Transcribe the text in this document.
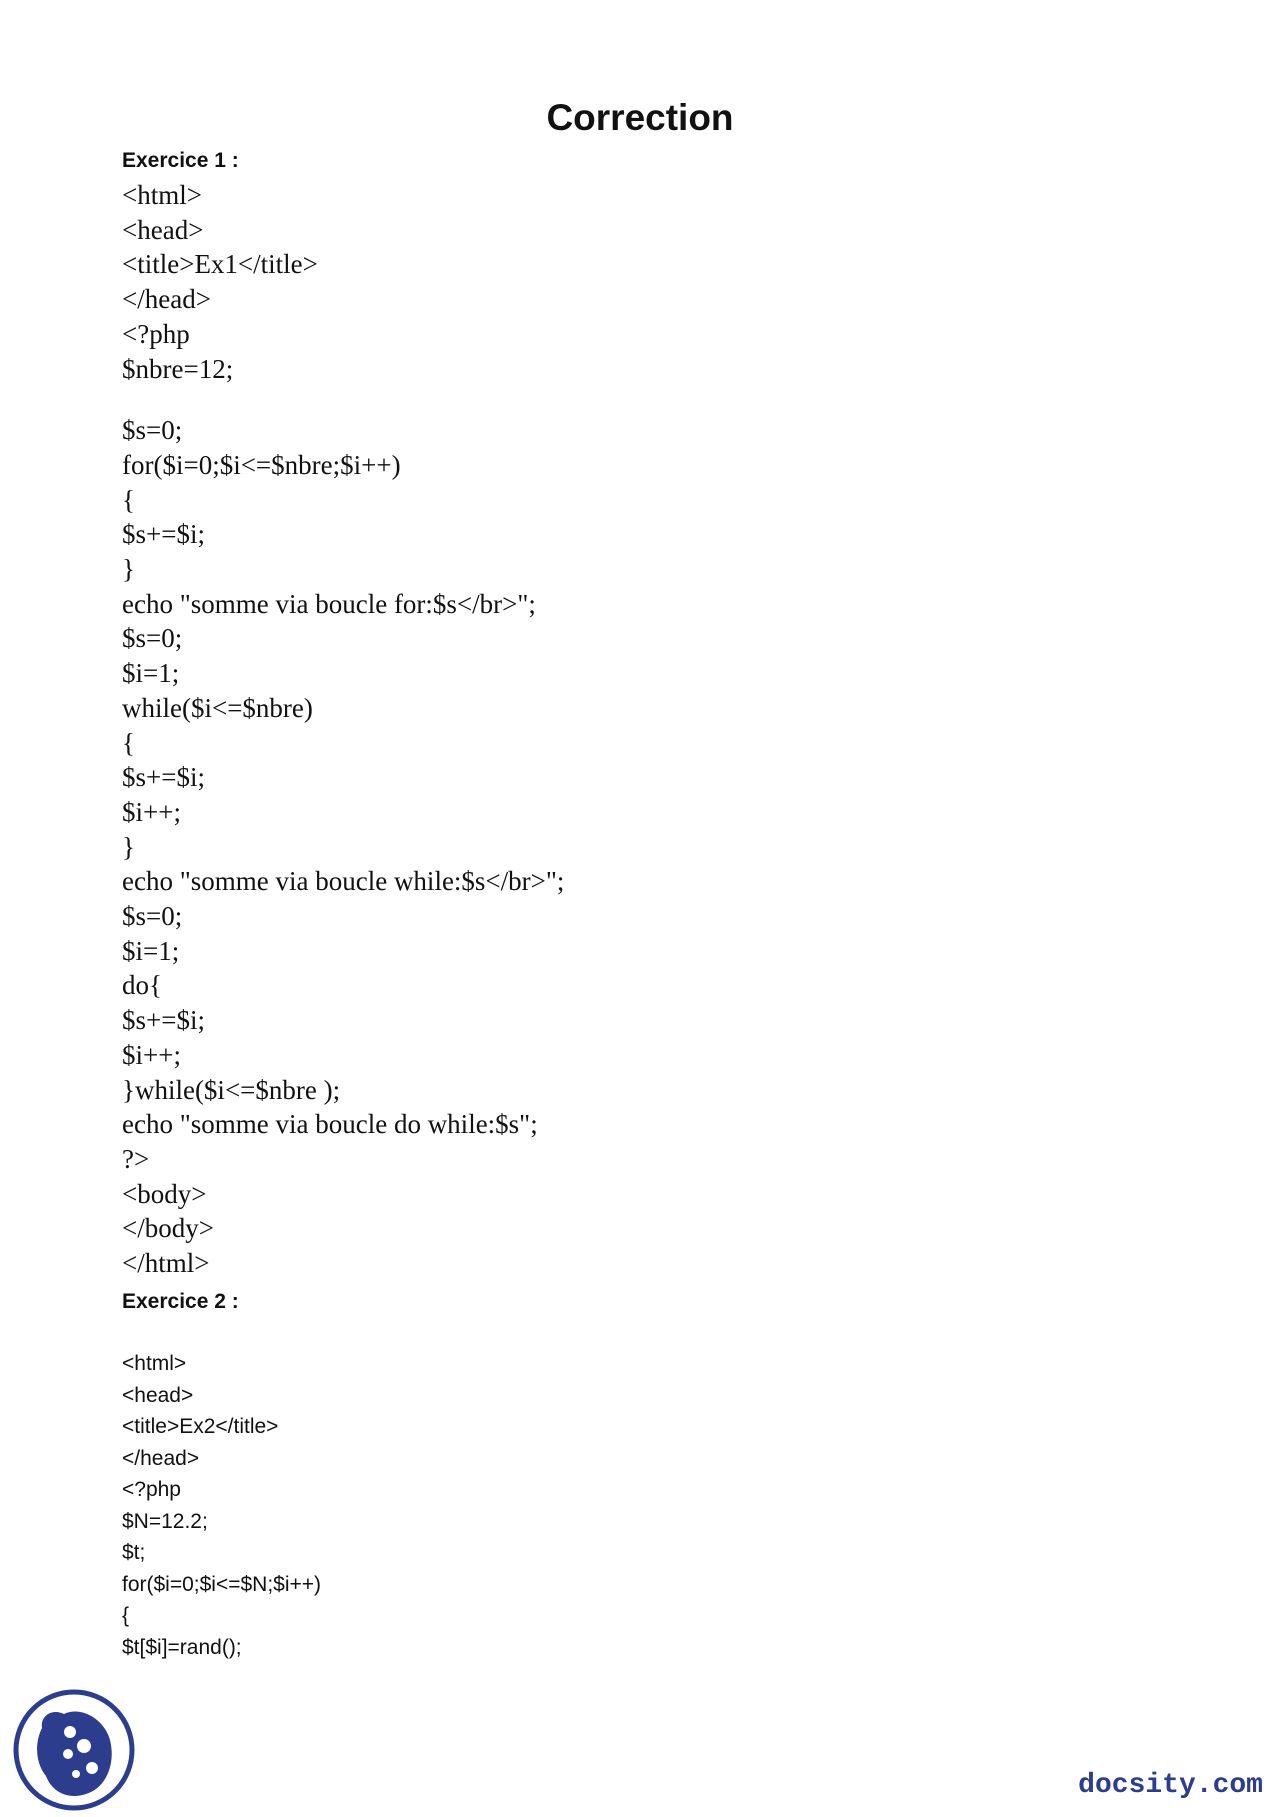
Correction
Exercice 1 :
<html>
<head>
<title>Ex1</title>
</head>
<?php
$nbre=12;
$s=0;
for($i=0;$i<=$nbre;$i++)
{
$s+=$i;
}
echo "somme via boucle for:$s</br>";
$s=0;
$i=1;
while($i<=$nbre)
{
$s+=$i;
$i++;
}
echo "somme via boucle while:$s</br>";
$s=0;
$i=1;
do{
$s+=$i;
$i++;
}while($i<=$nbre );
echo "somme via boucle do while:$s";
?>
<body>
</body>
</html>
Exercice 2 :
<html>
<head>
<title>Ex2</title>
</head>
<?php
$N=12.2;
$t;
for($i=0;$i<=$N;$i++)
{
$t[$i]=rand();
docsity.com
